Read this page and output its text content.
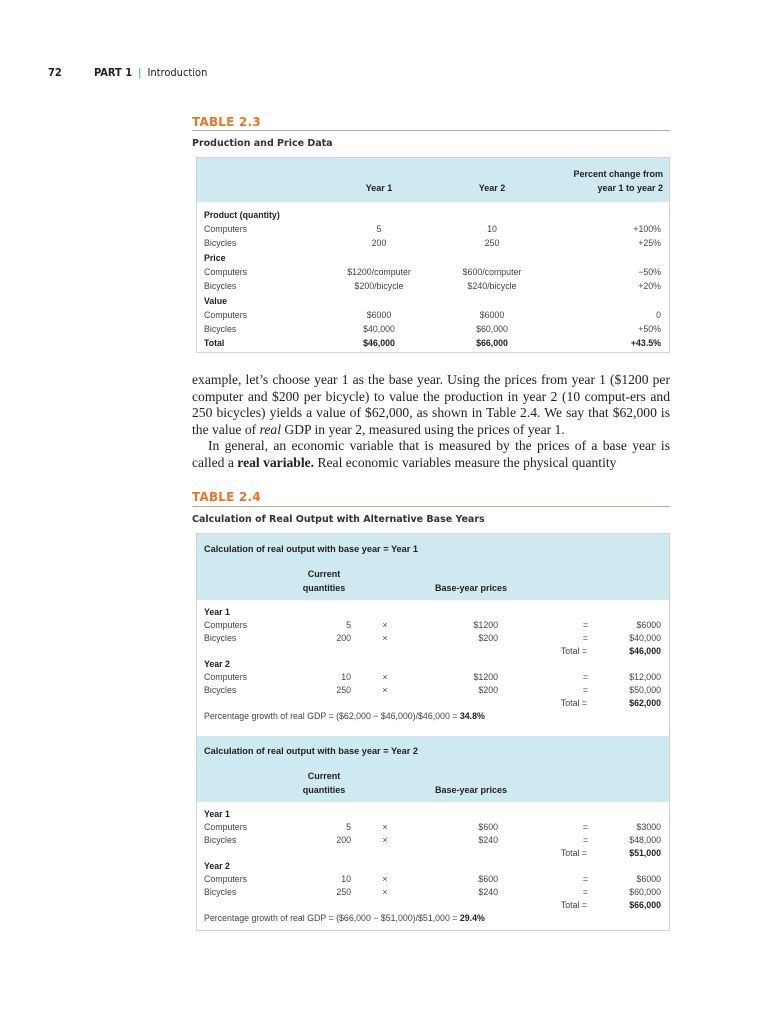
72	PART 1 | Introduction
TABLE 2.3
Production and Price Data
Year 1	Year 2
Percent change from
year 1 to year 2
Product (quantity)
Computers	5	10	+100%
Bicycles	200	250	+25%
Price
Computers	$1200/computer	$600/computer	−50%
Bicycles	$200/bicycle	$240/bicycle	+20%
Value
Computers	$6000	$6000	0
Bicycles	$40,000	$60,000	+50%
Total	$46,000	$66,000	+43.5%

example, let’s choose year 1 as the base year. Using the prices from year 1 ($1200 per computer and $200 per bicycle) to value the production in year 2 (10 comput-ers and 250 bicycles) yields a value of $62,000, as shown in Table 2.4. We say that $62,000 is the value of real GDP in year 2, measured using the prices of year 1.

In general, an economic variable that is measured by the prices of a base year is called a real variable. Real economic variables measure the physical quantity

TABLE 2.4
Calculation of Real Output with Alternative Base Years
Calculation of real output with base year = Year 1
Current
quantities	Base-year prices
Year 1
Computers	5	×	$1200	=	$6000
Bicycles	200	×	$200	=	$40,000
Total =	$46,000
Year 2
Computers	10	×	$1200	=	$12,000
Bicycles	250	×	$200	=	$50,000
Total =	$62,000
Percentage growth of real GDP = ($62,000 − $46,000)/$46,000 = 34.8%
Calculation of real output with base year = Year 2
Current
quantities	Base-year prices
Year 1
Computers	5	×	$600	=	$3000
Bicycles	200	×	$240	=	$48,000
Total =	$51,000
Year 2
Computers	10	×	$600	=	$6000
Bicycles	250	×	$240	=	$60,000
Total =	$66,000
Percentage growth of real GDP = ($66,000 − $51,000)/$51,000 = 29.4%
